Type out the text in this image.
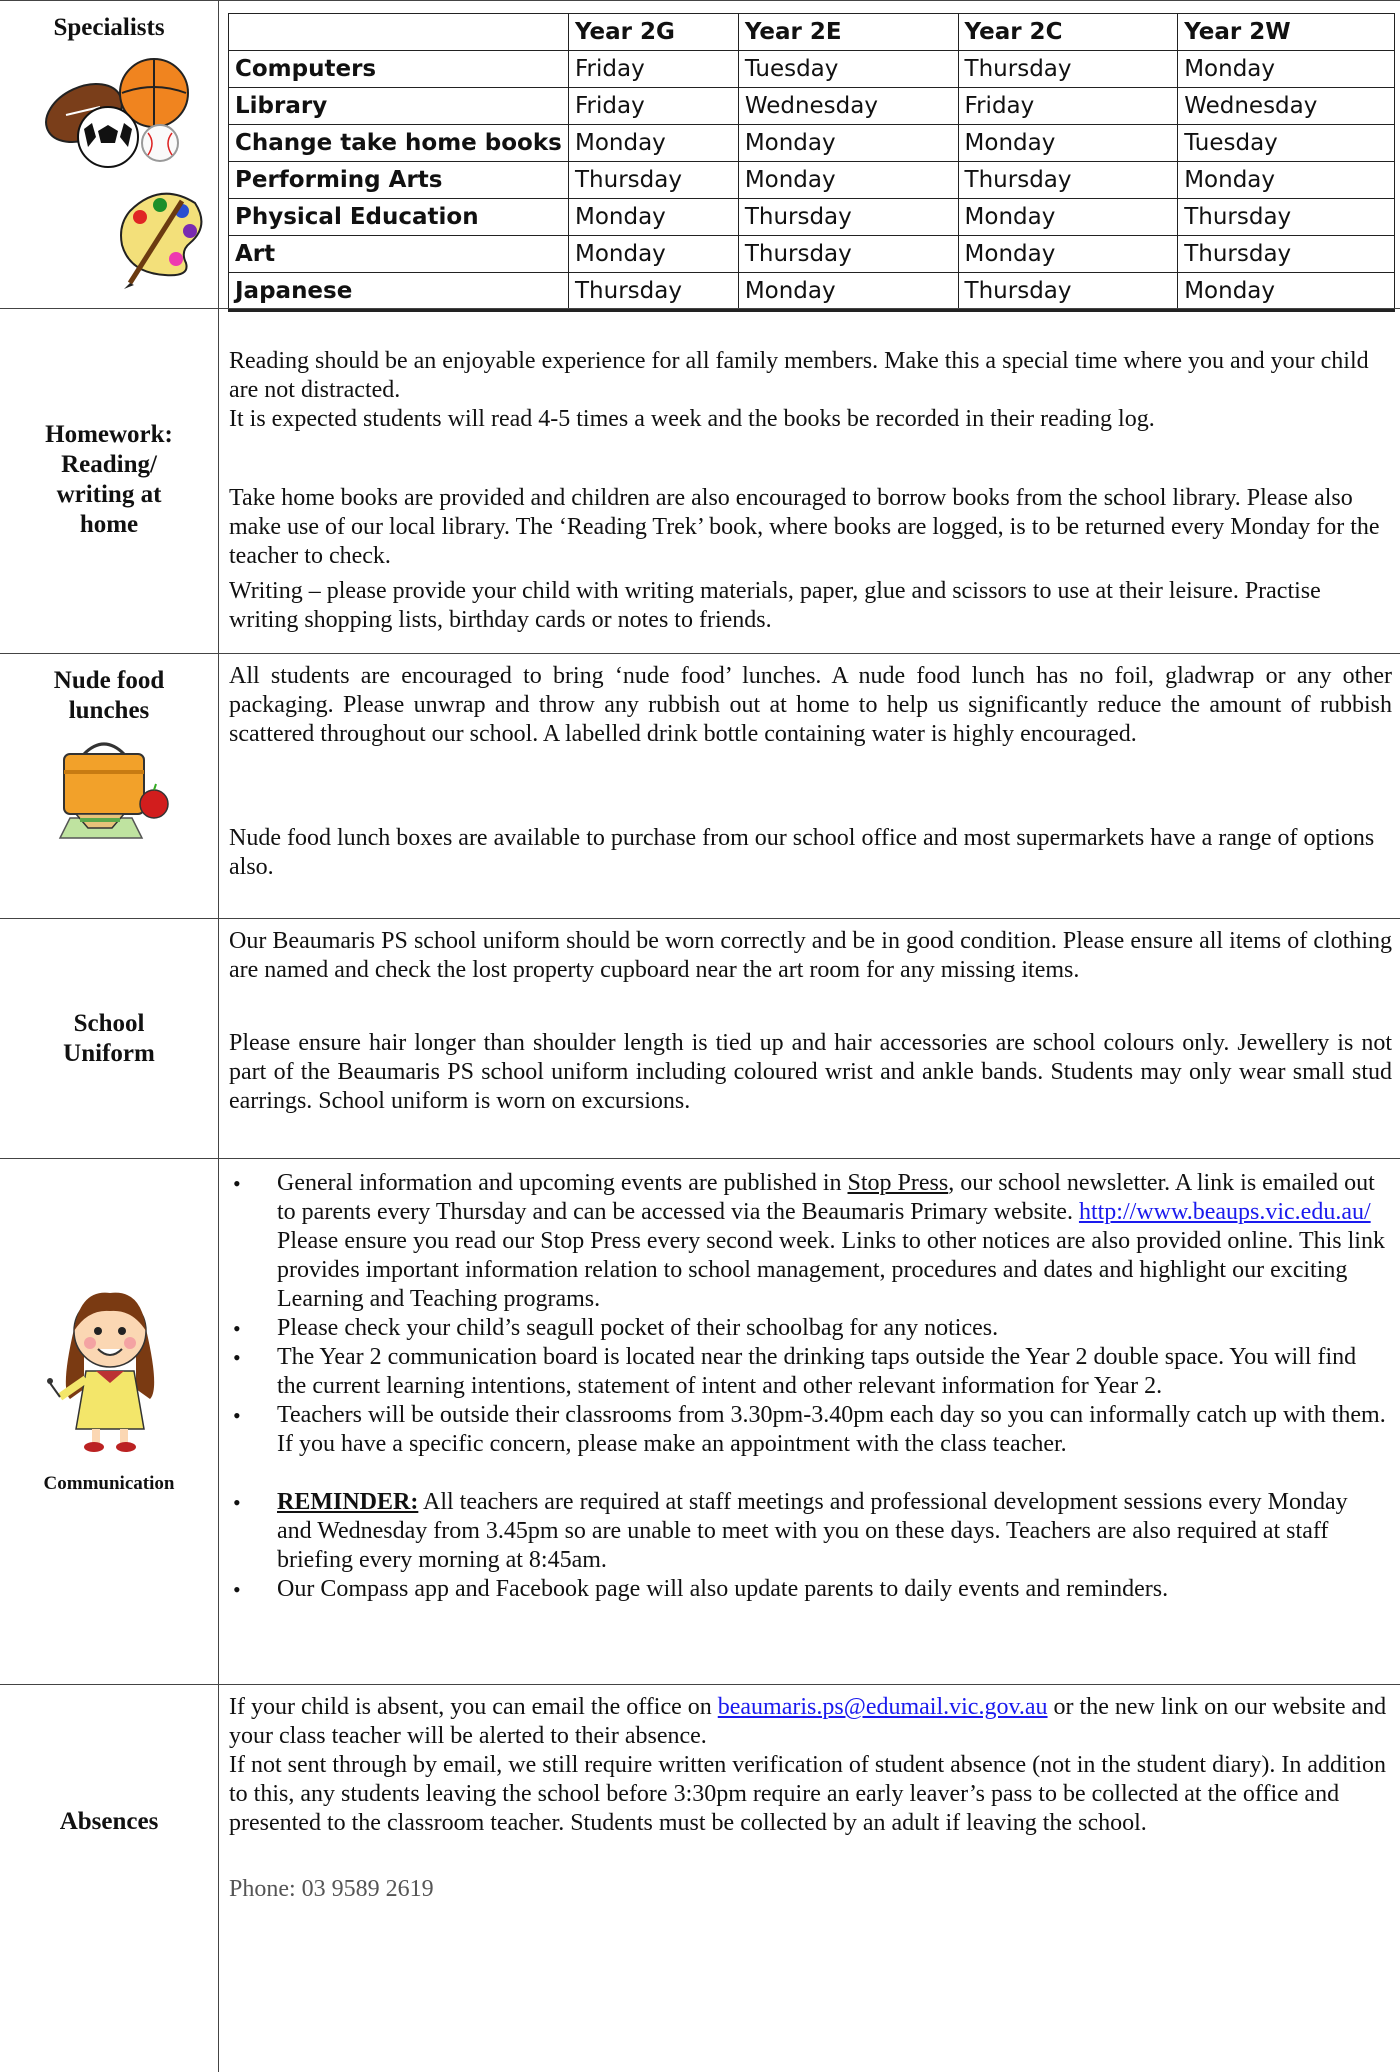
Specialists
		Year 2G	Year 2E	Year 2C	Year 2W
Computers	Friday	Tuesday	Thursday	Monday
Library	Friday	Wednesday	Friday	Wednesday
Change take home books	Monday	Monday	Monday	Tuesday
Performing Arts	Thursday	Monday	Thursday	Monday
Physical Education	Monday	Thursday	Monday	Thursday
Art	Monday	Thursday	Monday	Thursday
Japanese	Thursday	Monday	Thursday	Monday
Homework:
Reading/
writing at
home
Reading should be an enjoyable experience for all family members. Make this a special time where you and your child are not distracted.
It is expected students will read 4-5 times a week and the books be recorded in their reading log.
Take home books are provided and children are also encouraged to borrow books from the school library. Please also make use of our local library. The ‘Reading Trek’ book, where books are logged, is to be returned every Monday for the teacher to check.
Writing – please provide your child with writing materials, paper, glue and scissors to use at their leisure. Practise writing shopping lists, birthday cards or notes to friends.
Nude food
lunches
All students are encouraged to bring ‘nude food’ lunches. A nude food lunch has no foil, gladwrap or any other packaging. Please unwrap and throw any rubbish out at home to help us significantly reduce the amount of rubbish scattered throughout our school. A labelled drink bottle containing water is highly encouraged.
Nude food lunch boxes are available to purchase from our school office and most supermarkets have a range of options also.
School
Uniform
Our Beaumaris PS school uniform should be worn correctly and be in good condition. Please ensure all items of clothing are named and check the lost property cupboard near the art room for any missing items.
Please ensure hair longer than shoulder length is tied up and hair accessories are school colours only. Jewellery is not part of the Beaumaris PS school uniform including coloured wrist and ankle bands. Students may only wear small stud earrings. School uniform is worn on excursions.
Communication
• General information and upcoming events are published in Stop Press, our school newsletter. A link is emailed out to parents every Thursday and can be accessed via the Beaumaris Primary website. http://www.beaups.vic.edu.au/ Please ensure you read our Stop Press every second week. Links to other notices are also provided online. This link provides important information relation to school management, procedures and dates and highlight our exciting Learning and Teaching programs.
• Please check your child’s seagull pocket of their schoolbag for any notices.
• The Year 2 communication board is located near the drinking taps outside the Year 2 double space. You will find the current learning intentions, statement of intent and other relevant information for Year 2.
• Teachers will be outside their classrooms from 3.30pm-3.40pm each day so you can informally catch up with them. If you have a specific concern, please make an appointment with the class teacher.
• REMINDER: All teachers are required at staff meetings and professional development sessions every Monday and Wednesday from 3.45pm so are unable to meet with you on these days. Teachers are also required at staff briefing every morning at 8:45am.
• Our Compass app and Facebook page will also update parents to daily events and reminders.
Absences
If your child is absent, you can email the office on beaumaris.ps@edumail.vic.gov.au or the new link on our website and your class teacher will be alerted to their absence.
If not sent through by email, we still require written verification of student absence (not in the student diary). In addition to this, any students leaving the school before 3:30pm require an early leaver’s pass to be collected at the office and presented to the classroom teacher. Students must be collected by an adult if leaving the school.
Phone: 03 9589 2619
